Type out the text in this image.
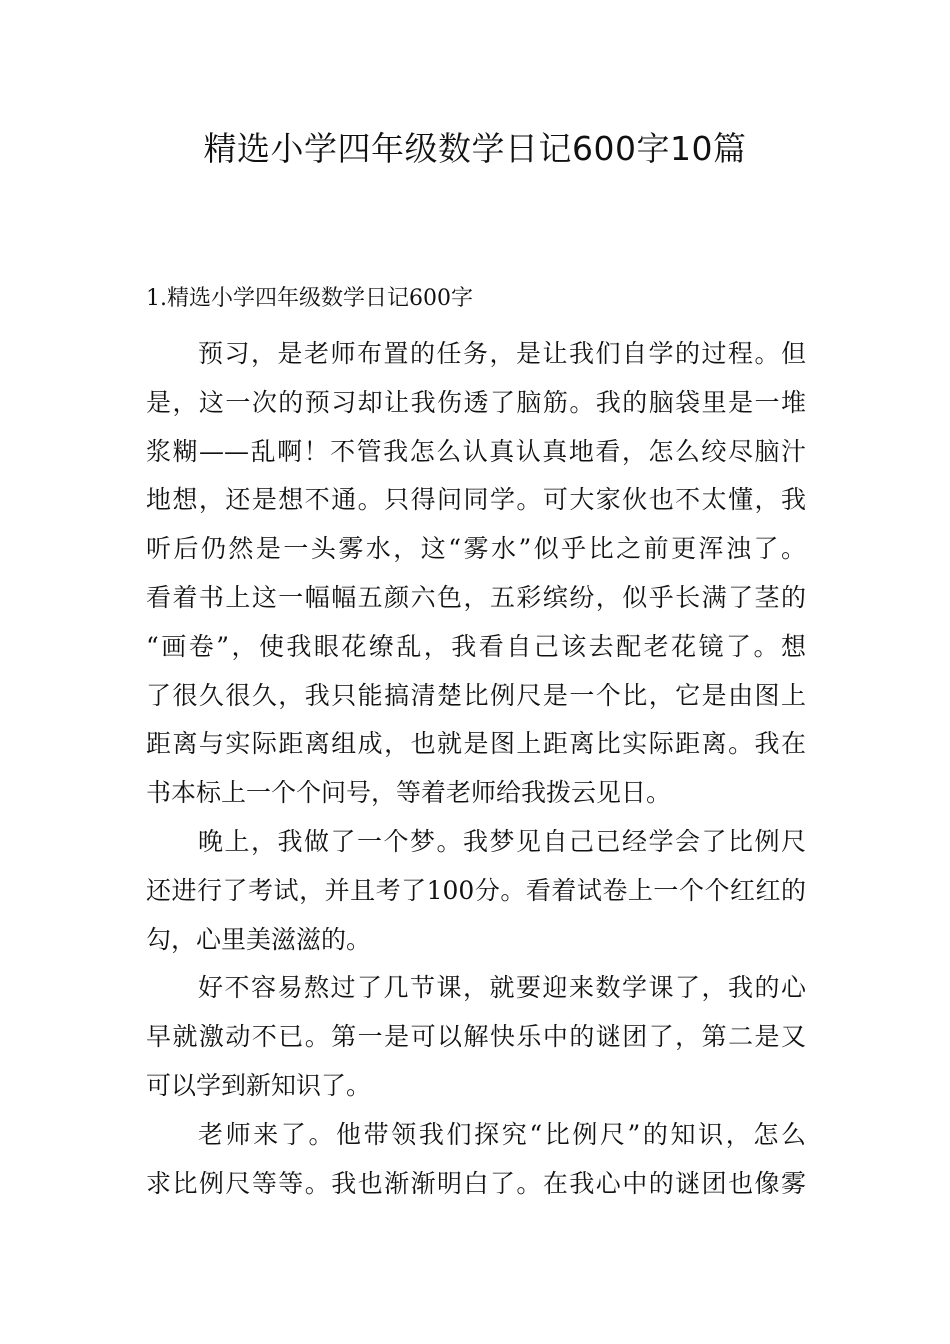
精选小学四年级数学日记600字10篇
1.精选小学四年级数学日记600字

预习，是老师布置的任务，是让我们自学的过程。但
是，这一次的预习却让我伤透了脑筋。我的脑袋里是一堆
浆糊——乱啊！不管我怎么认真认真地看，怎么绞尽脑汁
地想，还是想不通。只得问同学。可大家伙也不太懂，我
听后仍然是一头雾水，这“雾水”似乎比之前更浑浊了。
看着书上这一幅幅五颜六色，五彩缤纷，似乎长满了茎的
“画卷”，使我眼花缭乱，我看自己该去配老花镜了。想
了很久很久，我只能搞清楚比例尺是一个比，它是由图上
距离与实际距离组成，也就是图上距离比实际距离。我在
书本标上一个个问号，等着老师给我拨云见日。

晚上，我做了一个梦。我梦见自己已经学会了比例尺
还进行了考试，并且考了100分。看着试卷上一个个红红的
勾，心里美滋滋的。

好不容易熬过了几节课，就要迎来数学课了，我的心
早就激动不已。第一是可以解快乐中的谜团了，第二是又
可以学到新知识了。

老师来了。他带领我们探究“比例尺”的知识，怎么
求比例尺等等。我也渐渐明白了。在我心中的谜团也像雾
